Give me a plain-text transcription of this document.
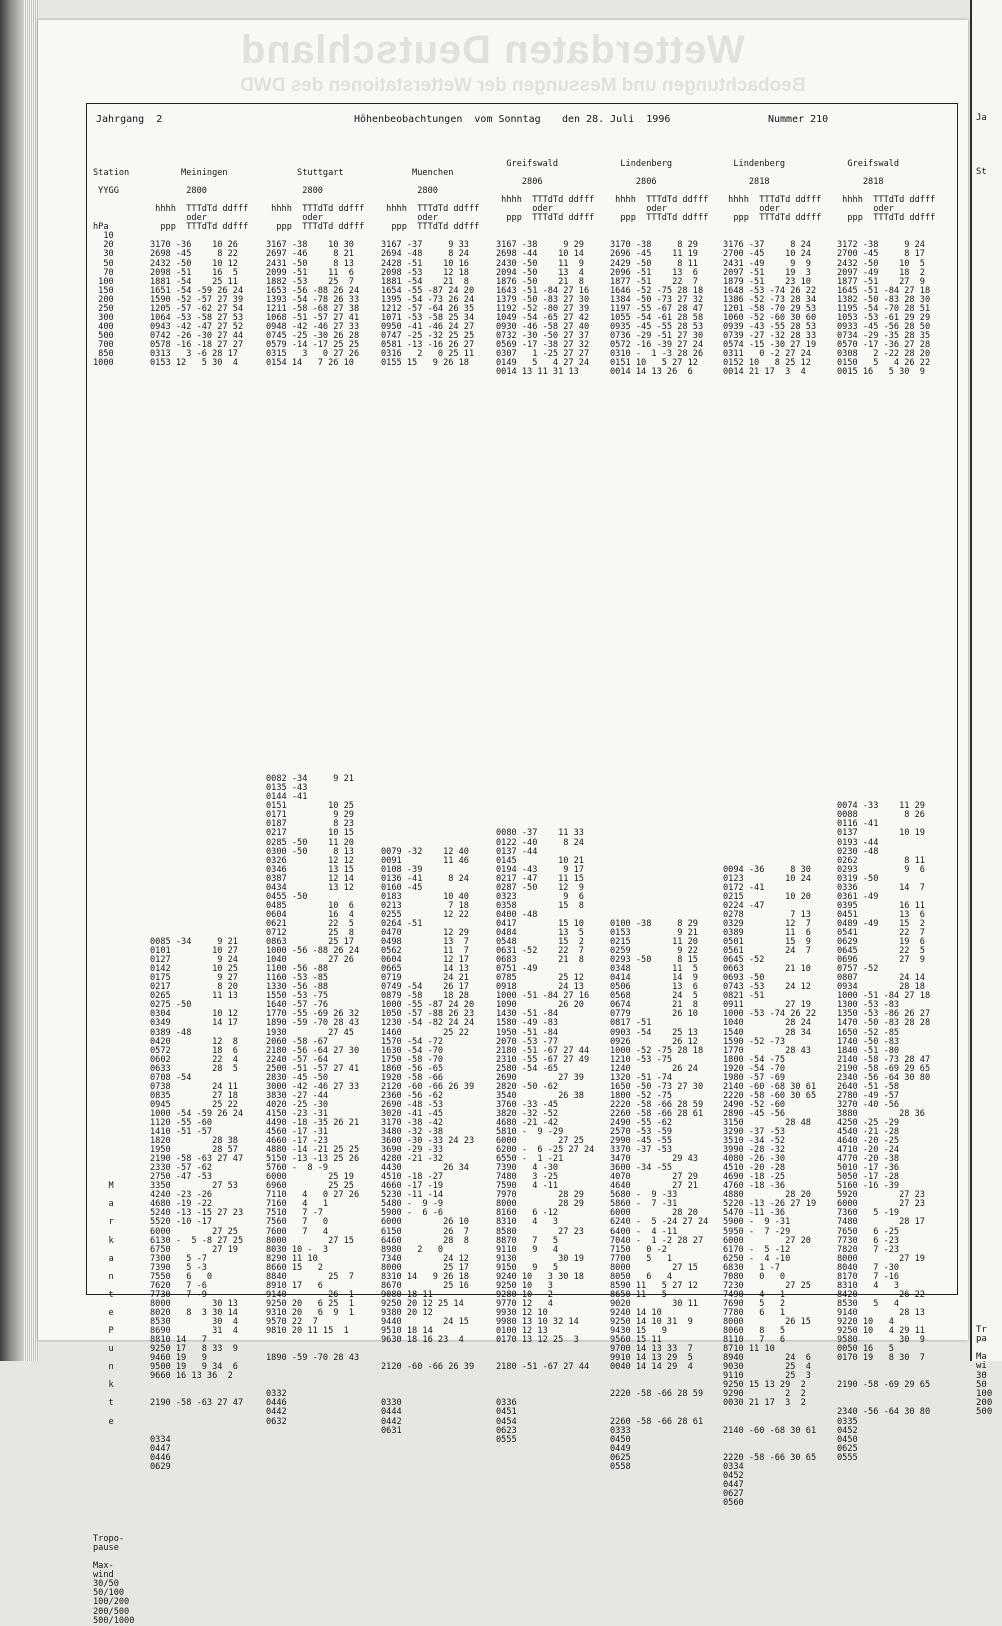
Jahrgang  2	Höhenbeobachtungen  vom Sonntag den 28. Juli  1996	Nummer 210

Station

YYGG

hPa
10
20
30
50
70
100
150
200
250
300
400
500
700
850
1000

M

a

r

k

a

n

t

e

P

u

n

k

t

e

Tropo-
pause

Max-
wind
30/50
50/100
100/200
200/500
500/1000

Meiningen

2800

hhhh  TTTdTd ddfff
oder
ppp  TTTdTd ddfff

3170 -36    10 26
2698 -45     8 22
2432 -50    10 12
2098 -51    16  5
1881 -54    25 11
1651 -54 -59 26 24
1590 -52 -57 27 39
1205 -57 -62 27 54
1064 -53 -58 27 53
0943 -42 -47 27 52
0742 -26 -30 27 44
0578 -16 -18 27 27
0313   3 -6 28 17
0153 12   5 30  4

0085 -34     9 21
0101        10 27
0127         9 24
0142        10 25
0175         9 27
0217         8 20
0265        11 13
0275 -50
0304        10 12
0349        14 17
0389 -48
0420        12  8
0572        18  6
0602        22  4
0633        28  5
0708 -54
0738        24 11
0835        27 18
0945        25 22
1000 -54 -59 26 24
1120 -55 -60
1410 -51 -57
1820        28 38
1950        28 57
2190 -58 -63 27 47
2330 -57 -62
2750 -47 -53
3350        27 53
4240 -23 -26
4680 -19 -22
5240 -13 -15 27 23
5520 -10 -17
6000        27 25
6130 -  5 -8 27 25
6750        27 19
7300   5 -7
7390   5 -3
7550   6   0
7620   7 -6
7730   7 -9
8000        30 13
8020   8  3 30 14
8530        30  4
8690        31  4
8810 14   7
9250 17   8 33  9
9460 19   9
9500 19   9 34  6
9660 16 13 36  2

2190 -58 -63 27 47

0334
0447
0446
0629

Stuttgart

2800

hhhh  TTTdTd ddfff
oder
ppp  TTTdTd ddfff

3167 -38    10 30
2697 -46     8 21
2431 -50     8 13
2099 -51    11  6
1882 -53    25  7
1653 -56 -88 26 24
1393 -54 -78 26 33
1211 -58 -68 27 38
1068 -51 -57 27 41
0948 -42 -46 27 33
0745 -25 -30 26 28
0579 -14 -17 25 25
0315   3   0 27 26
0154 14   7 26 10

0082 -34     9 21
0135 -43
0144 -41
0151        10 25
0171         9 29
0187         8 23
0217        10 15
0285 -50    11 20
0300 -50     8 13
0326        12 12
0346        13 15
0387        12 14
0434        13 12
0455 -50
0485        10  6
0604        16  4
0621        22  5
0712        25  8
0863        25 17
1000 -56 -88 26 24
1040        27 26
1100 -56 -88
1160 -53 -85
1330 -56 -88
1550 -53 -75
1640 -57 -76
1770 -55 -69 26 32
1890 -59 -70 28 43
1930        27 45
2060 -58 -67
2180 -56 -64 27 30
2240 -57 -64
2500 -51 -57 27 41
2830 -45 -50
3000 -42 -46 27 33
3830 -27 -44
4020 -25 -30
4150 -23 -31
4490 -18 -35 26 21
4560 -17 -31
4660 -17 -23
4880 -14 -21 25 25
5150 -13 -13 25 26
5760 -  8 -9
6000        25 19
6960        25 25
7110   4   0 27 26
7160   4   1
7510   7 -7
7560   7   0
7600   7   4
8000        27 15
8030 10 -  3
8290 11 10
8660 15   2
8840        25  7
8910 17   6
9140        26  1
9250 20   6 25  1
9310 20   6  9  1
9570 22  7
9810 20 11 15  1

1890 -59 -70 28 43

0332
0446
0442
0632

Muenchen

2800

hhhh  TTTdTd ddfff
oder
ppp  TTTdTd ddfff

3167 -37     9 33
2694 -48     8 24
2428 -51    10 16
2098 -53    12 18
1881 -54    21  8
1654 -55 -87 24 20
1395 -54 -73 26 24
1212 -57 -64 26 35
1071 -53 -58 25 34
0950 -41 -46 24 27
0747 -25 -32 25 25
0581 -13 -16 26 27
0316   2   0 25 11
0155 15   9 26 18

0079 -32    12 40
0091        11 46
0108 -39
0136 -41     8 24
0160 -45
0183        10 40
0213         7 18
0255        12 22
0264 -51
0470        12 29
0498        13  7
0562        11  7
0604        12 17
0665        14 13
0719        24 21
0749 -54    26 17
0879 -58    18 28
1000 -55 -87 24 20
1050 -57 -88 26 23
1230 -54 -82 24 24
1460        25 22
1570 -54 -72
1630 -54 -70
1750 -58 -70
1860 -56 -65
1920 -58 -66
2120 -60 -66 26 39
2360 -56 -62
2690 -48 -53
3020 -41 -45
3170 -38 -42
3480 -32 -38
3600 -30 -33 24 23
3690 -29 -33
4280 -21 -32
4430        26 34
4510 -18 -27
4660 -17 -19
5230 -11 -14
5480 -  9 -9
5900 -  6 -6
6000        26 10
6150        26  7
6460        28  8
8980   2   0
7340        24 12
8000        25 17
8310 14   9 26 18
8670        25 16
9080 18 11
9250 20 12 25 14
9380 20 12
9440        24 15
9510 18 14
9630 18 16 23  4

2120 -60 -66 26 39

0330
0444
0442
0631
Greifswald

2806

hhhh  TTTdTd ddfff
oder
ppp  TTTdTd ddfff

3167 -38     9 29
2698 -44    10 14
2430 -50    11  9
2094 -50    13  4
1876 -50    21  8
1643 -51 -84 27 16
1379 -50 -83 27 30
1192 -52 -80 27 39
1049 -54 -65 27 42
0930 -46 -58 27 40
0732 -30 -50 27 37
0569 -17 -38 27 32
0307   1 -25 27 27
0149   5   4 27 24
0014 13 11 31 13

0080 -37    11 33
0122 -40     8 24
0137 -44
0145        10 21
0194 -43     9 17
0217 -47    11 15
0287 -50    12  9
0323         9  6
0358        15  8
0400 -48
0417        15 10
0484        13  5
0548        15  2
0631 -52    22  7
0683        21  8
0751 -49
0785        25 12
0918        24 13
1000 -51 -84 27 16
1090        26 20
1430 -51 -84
1580 -49 -83
1950 -51 -84
2070 -53 -77
2180 -51 -67 27 44
2310 -55 -67 27 49
2580 -54 -65
2690        27 39
2820 -50 -62
3540        26 38
3760 -33 -45
3820 -32 -52
4680 -21 -42
5810 -  9 -29
6000        27 25
6200 -  6 -25 27 24
6550 -  1 -21
7390   4 -30
7480   3 -25
7590   4 -11
7970        28 29
8000        28 29
8160   6 -12
8310   4   3
8580        27 23
8870   7   5
9110   9   4
9130        30 19
9150   9   5
9240 10   3 30 18
9250 10   3
9280 10   2
9770 12   4
9930 12 10
9980 13 10 32 14
0100 12 13
0170 13 12 25  3

2180 -51 -67 27 44

0336
0451
0454
0623
0555
Lindenberg

2806

hhhh  TTTdTd ddfff
oder
ppp  TTTdTd ddfff

3170 -38     8 29
2696 -45    11 19
2429 -50     8 11
2096 -51    13  6
1877 -51    22  7
1646 -52 -75 28 18
1384 -50 -73 27 32
1197 -55 -67 28 47
1055 -54 -61 28 58
0935 -45 -55 28 53
0736 -29 -51 27 30
0572 -16 -39 27 24
0310 -  1 -3 28 26
0151 10   5 27 12
0014 14 13 26  6

0100 -38     8 29
0153         9 21
0215        11 20
0259         9 22
0293 -50     8 15
0348        11  5
0414        14  9
0506        13  6
0568        24  5
0674        21  8
0779        26 10
0817 -51
0903 -54    25 13
0926        26 12
1000 -52 -75 28 18
1210 -53 -75
1240        26 24
1320 -51 -74
1650 -50 -73 27 30
1800 -52 -75
2220 -58 -66 28 59
2260 -58 -66 28 61
2490 -55 -62
2570 -53 -59
2990 -45 -55
3370 -37 -53
3470        29 43
3600 -34 -55
4070        27 29
4640        27 21
5680 -  9 -33
5860 -  7 -31
6000        28 20
6240 -  5 -24 27 24
6400 -  4 -11
7040 -  1 -2 28 27
7150   0 -2
7700   5   1
8000        27 15
8050   6   4
8590 11   5 27 12
8650 11   5
9020        30 11
9240 14 10
9250 14 10 31  9
9430 15   9
9560 15 11
9700 14 13 33  7
9910 14 13 29  5
0040 14 14 29  4

2220 -58 -66 28 59

2260 -58 -66 28 61
0333
0450
0449
0625
0558
Lindenberg

2818

hhhh  TTTdTd ddfff
oder
ppp  TTTdTd ddfff

3176 -37     8 24
2700 -45    10 24
2431 -49     9  9
2097 -51    19  3
1879 -51    23 10
1648 -53 -74 26 22
1386 -52 -73 28 34
1201 -58 -70 29 53
1060 -52 -60 30 60
0939 -43 -55 28 53
0739 -27 -32 28 33
0574 -15 -30 27 19
0311   0 -2 27 24
0152 10   8 25 12
0014 21 17  3  4

0094 -36     8 30
0123        10 24
0172 -41
0215        10 20
0224 -47
0278         7 13
0329        12  7
0389        11  6
0501        15  9
0561        24  7
0645 -52
0663        21 10
0693 -50
0743 -53    24 12
0821 -51
0911        27 19
1000 -53 -74 26 22
1040        28 24
1540        28 34
1590 -52 -73
1770        28 43
1800 -54 -75
1920 -54 -70
1980 -57 -69
2140 -60 -68 30 61
2220 -58 -60 30 65
2490 -52 -60
2890 -45 -56
3150        28 48
3290 -37 -53
3510 -34 -52
3990 -28 -32
4080 -26 -30
4510 -20 -28
4690 -18 -25
4760 -18 -36
4880        28 20
5220 -13 -26 27 19
5470 -11 -36
5900 -  9 -31
5950 -  7 -29
6000        27 20
6170 -  5 -12
6250 -  4 -10
6830   1 -7
7080   0   0
7230        27 25
7490   4   1
7690   5   2
7780   6   1
8000        26 15
8060   8   5
8110   7   6
8710 11 10
8940        24  6
9030        25  4
9110        25  3
9250 15 13 29  2
9290        2  2
0030 21 17  3  2

2140 -60 -68 30 61

2220 -58 -66 30 65
0334
0452
0447
0627
0560
Greifswald

2818

hhhh  TTTdTd ddfff
oder
ppp  TTTdTd ddfff

3172 -38     9 24
2700 -45     8 17
2432 -50    10  5
2097 -49    18  2
1877 -51    27  9
1645 -51 -84 27 18
1382 -50 -83 28 30
1195 -54 -70 28 51
1053 -53 -61 29 29
0933 -45 -56 28 50
0734 -29 -35 28 35
0570 -17 -36 27 28
0308   2 -22 28 20
0150   5   4 26 22
0015 16   5 30  9

0074 -33    11 29
0088         8 26
0116 -41
0137        10 19
0193 -44
0230 -48
0262         8 11
0293         9  6
0319 -50
0336        14  7
0361 -49
0395        16 11
0451        13  6
0489 -49    15  2
0541        22  7
0629        19  6
0645        22  5
0696        27  9
0757 -52
0807        24 14
0934        28 18
1000 -51 -84 27 18
1300 -53 -83
1350 -53 -86 26 27
1470 -50 -83 28 28
1650 -52 -85
1740 -50 -83
1840 -51 -80
2140 -58 -73 28 47
2190 -58 -69 29 65
2340 -56 -64 30 80
2640 -51 -58
2780 -49 -57
3270 -40 -56
3880        28 36
4250 -25 -29
4540 -21 -28
4640 -20 -25
4710 -20 -24
4770 -20 -38
5010 -17 -36
5050 -17 -28
5160 -16 -39
5920        27 23
6000        27 23
7360   5 -19
7480        28 17
7650   6 -25
7730   6 -23
7820   7 -23
8000        27 19
8040   7 -30
8170   7 -16
8310   4   3
8420        26 22
8530   5   4
9140        28 13
9220 10   4
9250 10   4 29 11
9580        30  9
0050 16   5
0170 19   8 30  7

2190 -58 -69 29 65

2340 -56 -64 30 80
0335
0452
0450
0625
0555
Ja

St

Tr
pa

Ma
wi
30
50
100
200
500
